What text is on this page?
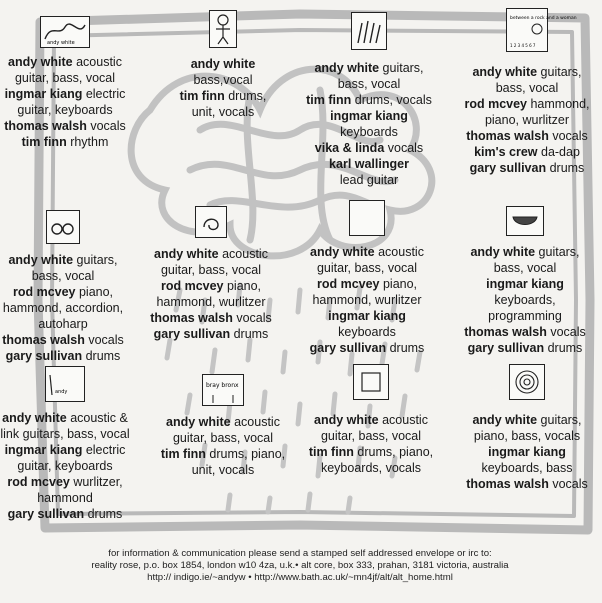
andy white
andy white acoustic
guitar, bass, vocal
ingmar kiang electric
guitar, keyboards
thomas walsh vocals
tim finn rhythm
andy white
bass,vocal
tim finn drums,
unit, vocals
andy white guitars,
bass, vocal
tim finn drums, vocals
ingmar kiang
keyboards
vika & linda vocals
karl wallinger
lead guitar
between a rock and a woman
1 2 3 4 5 6 7
andy white guitars,
bass, vocal
rod mcvey hammond,
piano, wurlitzer
thomas walsh vocals
kim's crew da-dap
gary sullivan drums
andy white guitars,
bass, vocal
rod mcvey piano,
hammond, accordion,
autoharp
thomas walsh vocals
gary sullivan drums
andy white acoustic
guitar, bass, vocal
rod mcvey piano,
hammond, wurlitzer
thomas walsh vocals
gary sullivan drums
andy white acoustic
guitar, bass, vocal
rod mcvey piano,
hammond, wurlitzer
ingmar kiang
keyboards
gary sullivan drums
andy white guitars,
bass, vocal
ingmar kiang
keyboards,
programming
thomas walsh vocals
gary sullivan drums
andy
andy white acoustic &
link guitars, bass, vocal
ingmar kiang electric
guitar, keyboards
rod mcvey wurlitzer,
hammond
gary sullivan drums
bray bronx
andy white acoustic
guitar, bass, vocal
tim finn drums, piano,
unit, vocals
andy white acoustic
guitar, bass, vocal
tim finn drums, piano,
keyboards, vocals
andy white guitars,
piano, bass, vocals
ingmar kiang
keyboards, bass
thomas walsh vocals
for information & communication please send a stamped self addressed envelope or irc to:
reality rose, p.o. box 1854, london w10 4za, u.k.• alt core, box 333, prahan, 3181 victoria, australia
http:// indigo.ie/~andyw • http://www.bath.ac.uk/~mn4jf/alt/alt_home.html
